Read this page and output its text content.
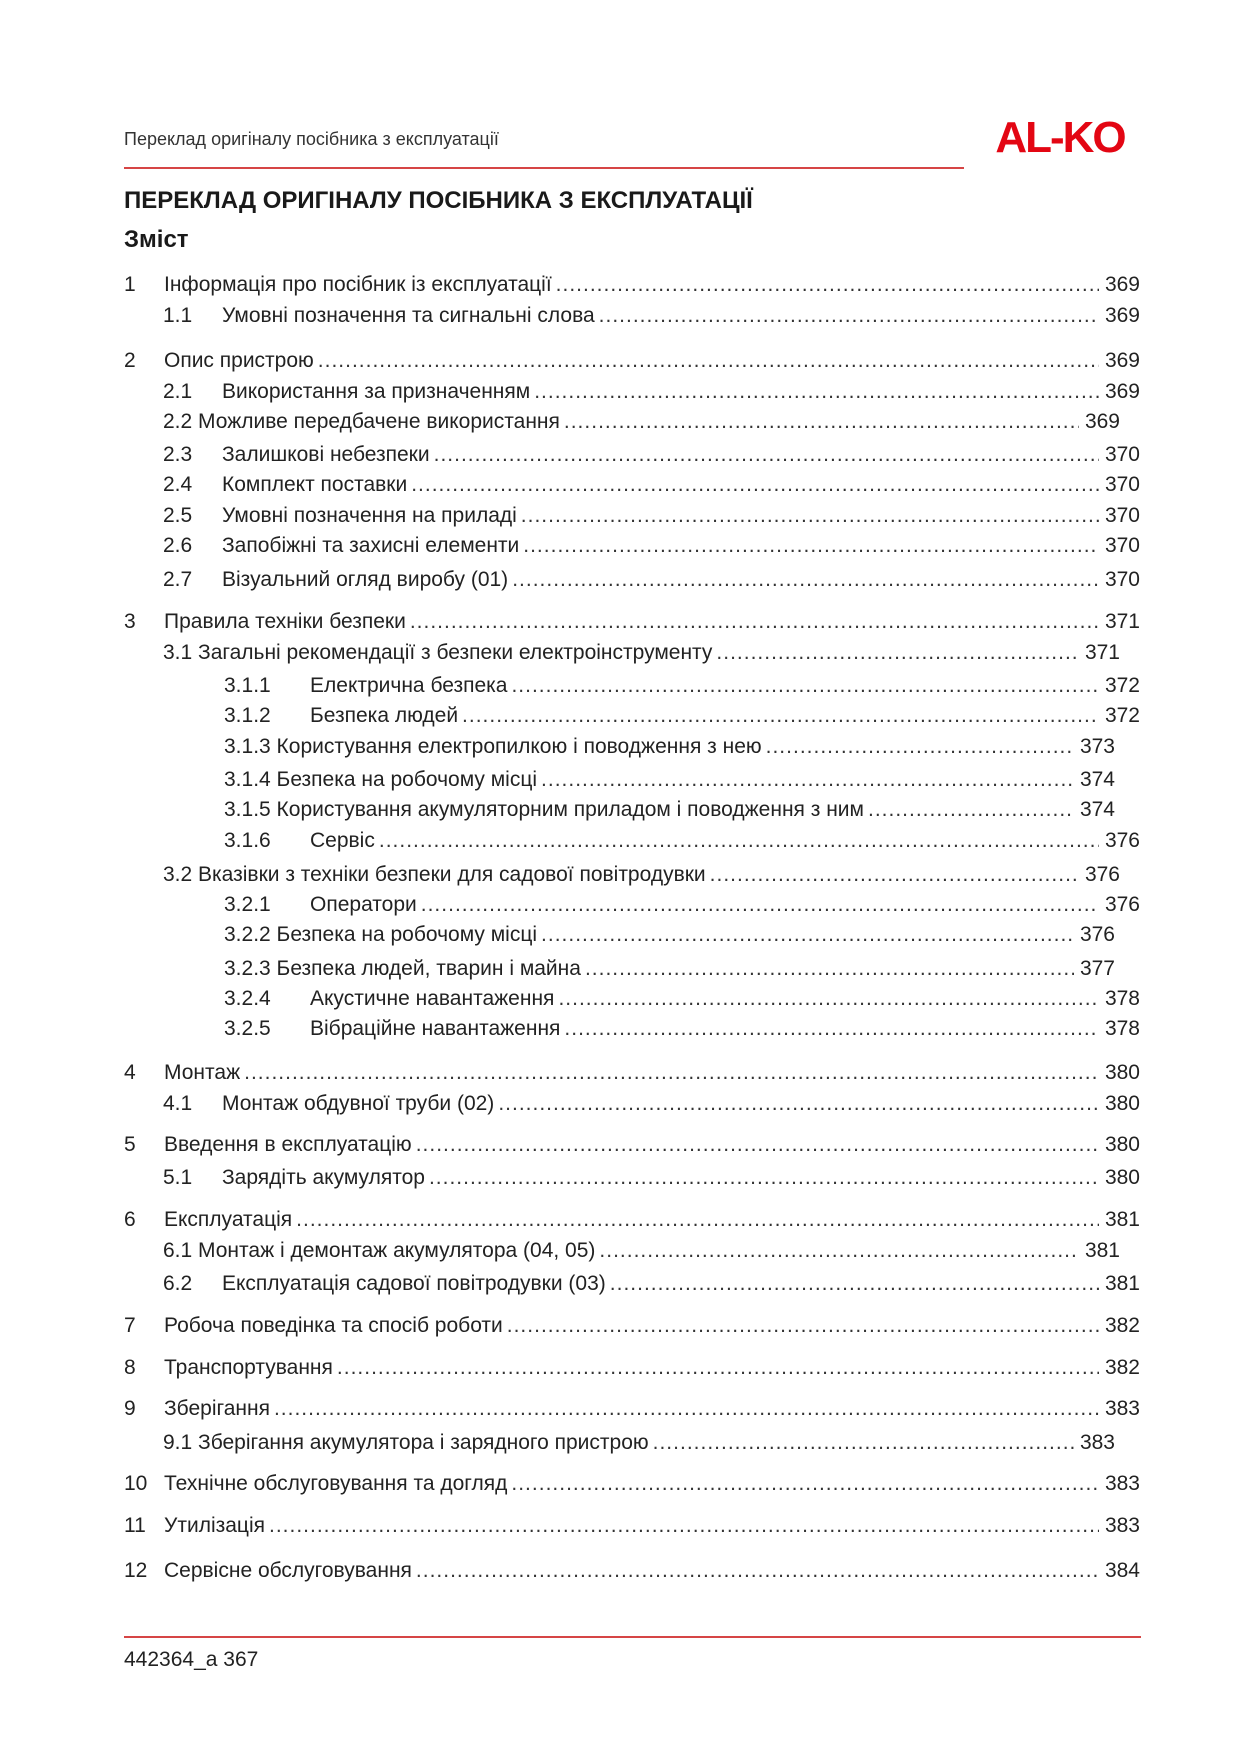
Переклад оригіналу посібника з експлуатації	AL-KO
ПЕРЕКЛАД ОРИГІНАЛУ ПОСІБНИКА З ЕКСПЛУАТАЦІЇ
Зміст
1	Інформація про посібник із експлуатації .....	369
1.1	Умовні позначення та сигнальні слова .....	369
2	Опис пристрою .....	369
2.1	Використання за призначенням .....	369
2.2 Можливе передбачене використання .....	369
2.3	Залишкові небезпеки .....	370
2.4	Комплект поставки .....	370
2.5	Умовні позначення на приладі .....	370
2.6	Запобіжні та захисні елементи .....	370
2.7	Візуальний огляд виробу (01) .....	370
3	Правила техніки безпеки .....	371
3.1 Загальні рекомендації з безпеки електроінструменту .....	371
3.1.1	Електрична безпека .....	372
3.1.2	Безпека людей .....	372
3.1.3 Користування електропилкою і поводження з нею .....	373
3.1.4 Безпека на робочому місці .....	374
3.1.5 Користування акумуляторним приладом і поводження з ним .....	374
3.1.6	Сервіс .....	376
3.2 Вказівки з техніки безпеки для садової повітродувки .....	376
3.2.1	Оператори .....	376
3.2.2 Безпека на робочому місці .....	376
3.2.3 Безпека людей, тварин і майна .....	377
3.2.4	Акустичне навантаження .....	378
3.2.5	Вібраційне навантаження .....	378
4	Монтаж .....	380
4.1	Монтаж обдувної труби (02) .....	380
5	Введення в експлуатацію .....	380
5.1	Зарядіть акумулятор .....	380
6	Експлуатація .....	381
6.1 Монтаж і демонтаж акумулятора (04, 05) .....	381
6.2	Експлуатація садової повітродувки (03) .....	381
7	Робоча поведінка та спосіб роботи .....	382
8	Транспортування .....	382
9	Зберігання .....	383
9.1 Зберігання акумулятора і зарядного пристрою .....	383
10 Технічне обслуговування та догляд .....	383
11 Утилізація .....	383
12 Сервісне обслуговування .....	384
442364_a 367
